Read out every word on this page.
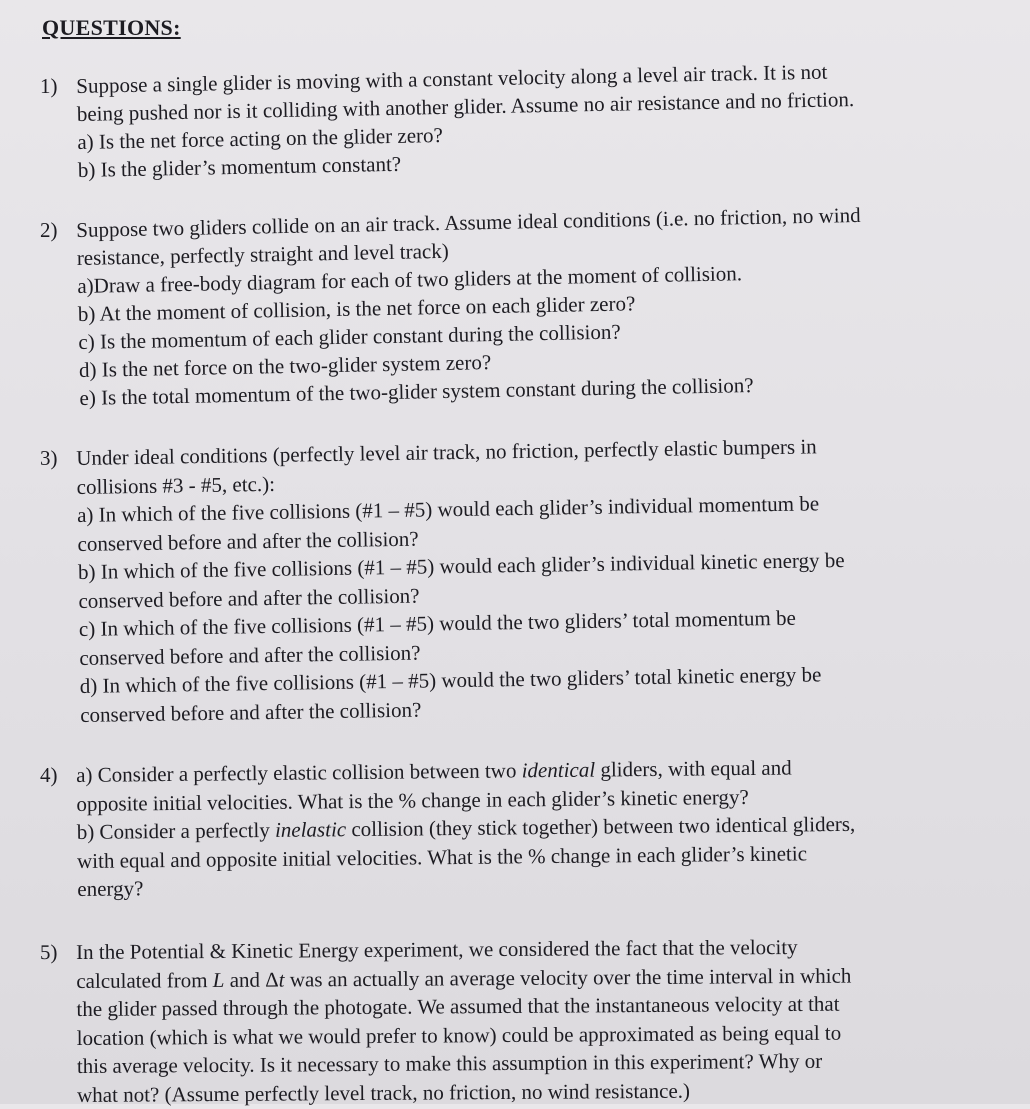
QUESTIONS:
1) Suppose a single glider is moving with a constant velocity along a level air track. It is not
being pushed nor is it colliding with another glider. Assume no air resistance and no friction.
a) Is the net force acting on the glider zero?
b) Is the glider’s momentum constant?
2) Suppose two gliders collide on an air track. Assume ideal conditions (i.e. no friction, no wind
resistance, perfectly straight and level track)
a)Draw a free-body diagram for each of two gliders at the moment of collision.
b) At the moment of collision, is the net force on each glider zero?
c) Is the momentum of each glider constant during the collision?
d) Is the net force on the two-glider system zero?
e) Is the total momentum of the two-glider system constant during the collision?
3) Under ideal conditions (perfectly level air track, no friction, perfectly elastic bumpers in
collisions #3 - #5, etc.):
a) In which of the five collisions (#1 – #5) would each glider’s individual momentum be
conserved before and after the collision?
b) In which of the five collisions (#1 – #5) would each glider’s individual kinetic energy be
conserved before and after the collision?
c) In which of the five collisions (#1 – #5) would the two gliders’ total momentum be
conserved before and after the collision?
d) In which of the five collisions (#1 – #5) would the two gliders’ total kinetic energy be
conserved before and after the collision?
4) a) Consider a perfectly elastic collision between two identical gliders, with equal and
opposite initial velocities. What is the % change in each glider’s kinetic energy?
b) Consider a perfectly inelastic collision (they stick together) between two identical gliders,
with equal and opposite initial velocities. What is the % change in each glider’s kinetic
energy?
5) In the Potential & Kinetic Energy experiment, we considered the fact that the velocity
calculated from L and Δt was an actually an average velocity over the time interval in which
the glider passed through the photogate. We assumed that the instantaneous velocity at that
location (which is what we would prefer to know) could be approximated as being equal to
this average velocity. Is it necessary to make this assumption in this experiment? Why or
what not? (Assume perfectly level track, no friction, no wind resistance.)
